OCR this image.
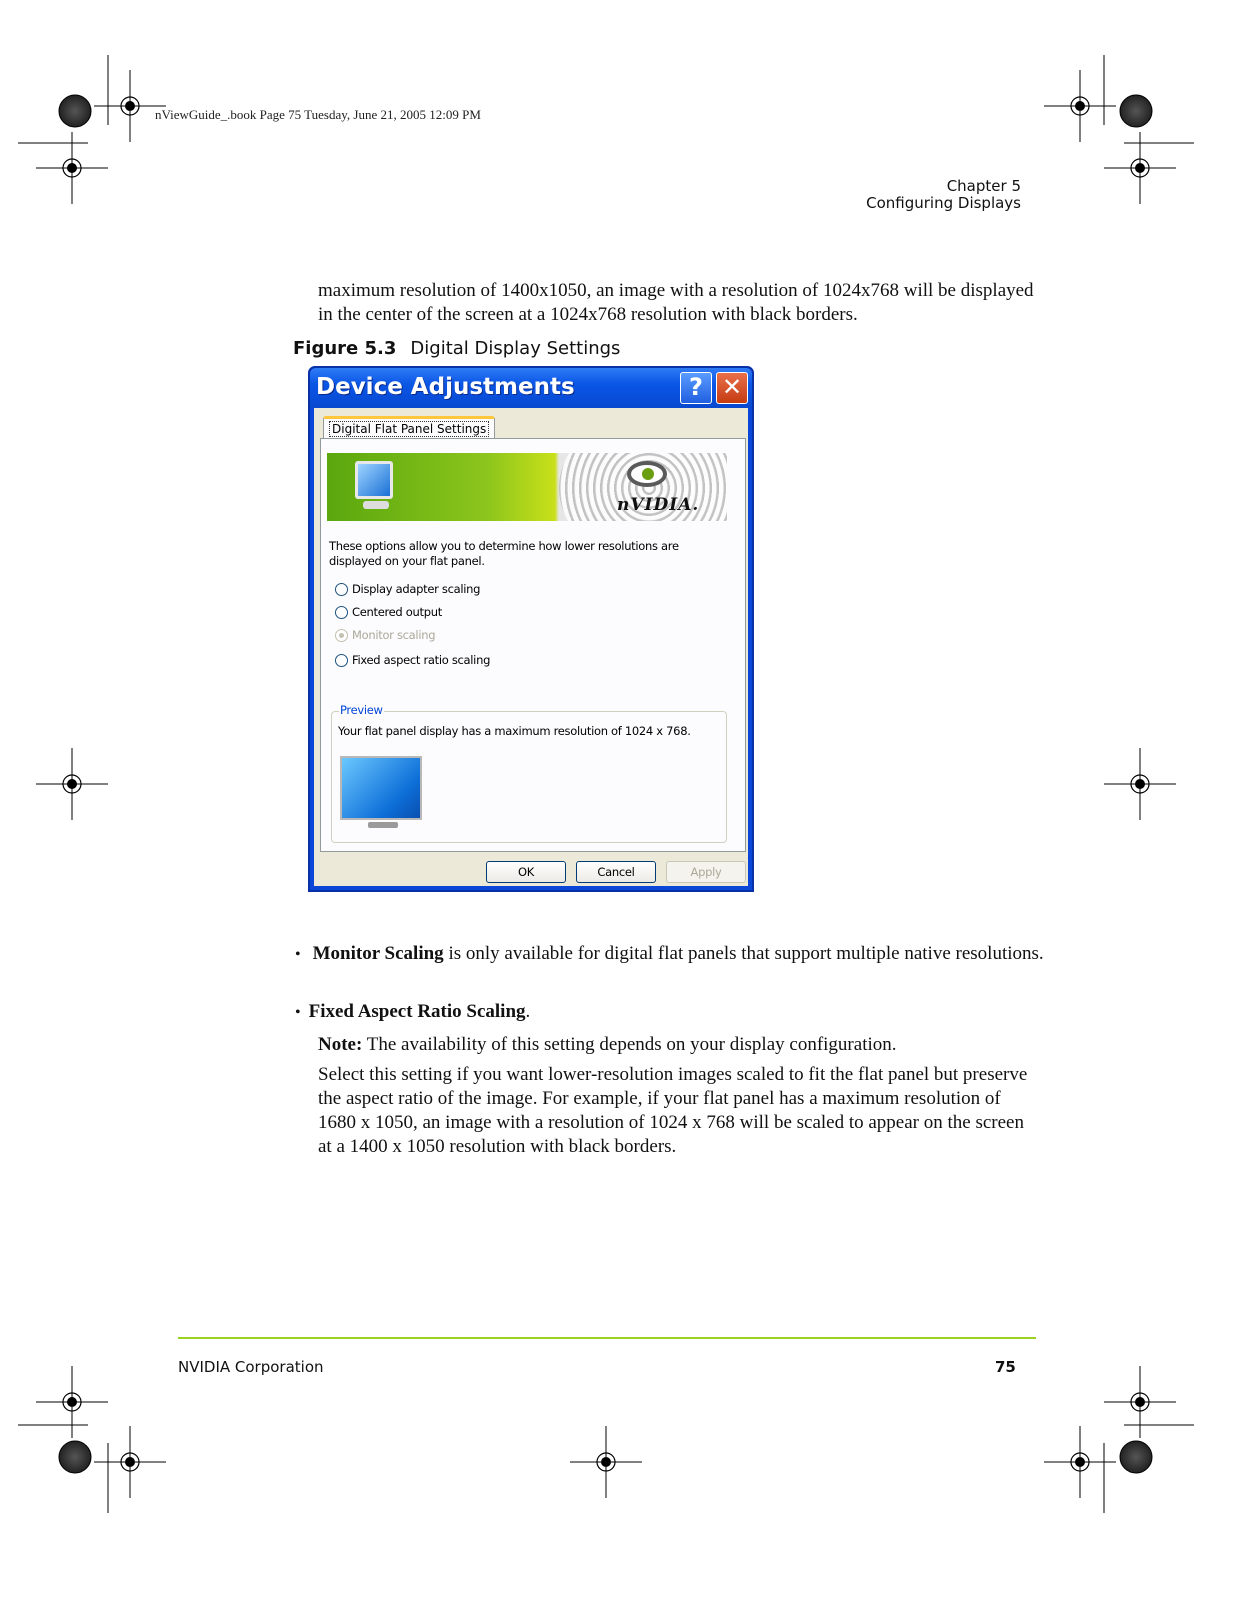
nViewGuide_.book Page 75 Tuesday, June 21, 2005 12:09 PM
Chapter 5
Configuring Displays
maximum resolution of 1400x1050, an image with a resolution of 1024x768 will be displayed in the center of the screen at a 1024x768 resolution with black borders.
Figure 5.3 Digital Display Settings
Device Adjustments	? ✕
Digital Flat Panel Settings
nVIDIA.
These options allow you to determine how lower resolutions are displayed on your flat panel.
Display adapter scaling
Centered output
Monitor scaling
Fixed aspect ratio scaling
Preview
Your flat panel display has a maximum resolution of 1024 x 768.
OK	Cancel	Apply
•   Monitor Scaling is only available for digital flat panels that support multiple native resolutions.
•  Fixed Aspect Ratio Scaling.
Note: The availability of this setting depends on your display configuration.
Select this setting if you want lower-resolution images scaled to fit the flat panel but preserve the aspect ratio of the image. For example, if your flat panel has a maximum resolution of 1680 x 1050, an image with a resolution of 1024 x 768 will be scaled to appear on the screen at a 1400 x 1050 resolution with black borders.
NVIDIA Corporation	75
